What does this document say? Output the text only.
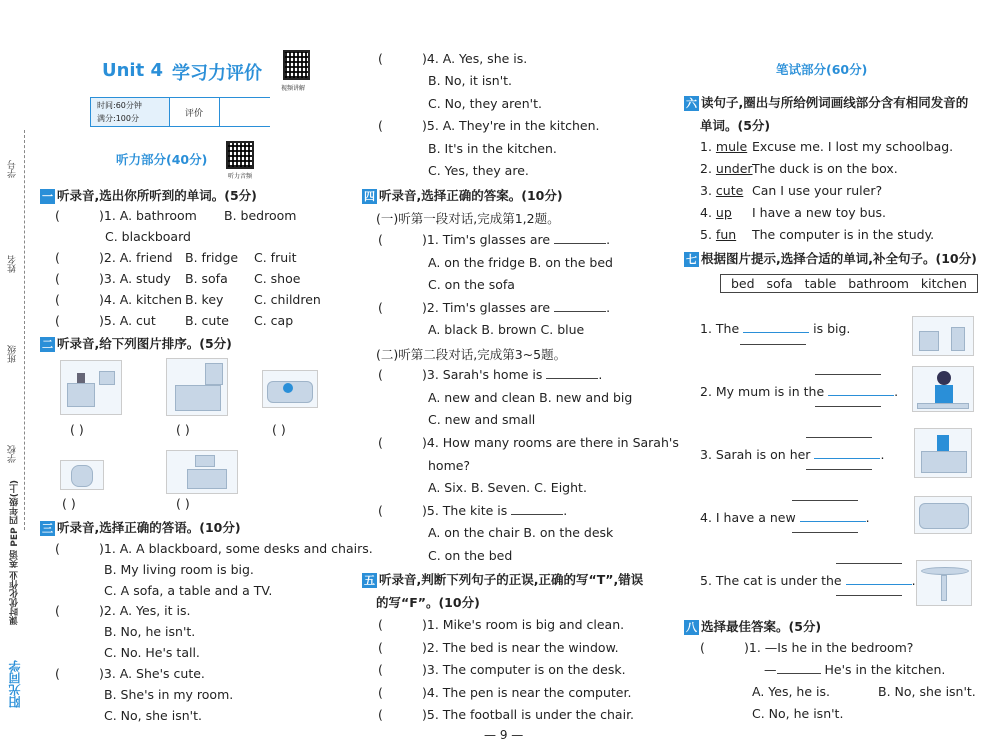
学号
姓名
班级
学校
课时优化作业 英语 PEP 四年级(上)
阳光同学
Unit 4 学习力评价
视频讲解
时间:60分钟
满分:100分	评价
听力部分(40分)
听力音频
一 听录音,选出你所听到的单词。(5分)
(	)1. A. bathroom B. bedroom
C. blackboard
(	)2. A. friend B. fridge C. fruit
(	)3. A. study B. sofa C. shoe
(	)4. A. kitchen B. key C. children
(	)5. A. cut B. cute C. cap
二 听录音,给下列图片排序。(5分)
( )	( )	( )
( )	( )
三 听录音,选择正确的答语。(10分)
(	)1. A. A blackboard, some desks and chairs.
B. My living room is big.
C. A sofa, a table and a TV.
(	)2. A. Yes, it is.
B. No, he isn't.
C. No. He's tall.
(	)3. A. She's cute.
B. She's in my room.
C. No, she isn't.
(	)4. A. Yes, she is.
B. No, it isn't.
C. No, they aren't.
(	)5. A. They're in the kitchen.
B. It's in the kitchen.
C. Yes, they are.
四 听录音,选择正确的答案。(10分)
(一)听第一段对话,完成第1,2题。
(	)1. Tim's glasses are	.
A. on the fridge B. on the bed
C. on the sofa
(	)2. Tim's glasses are	.
A. black B. brown C. blue
(二)听第二段对话,完成第3~5题。
(	)3. Sarah's home is	.
A. new and clean B. new and big
C. new and small
(	)4. How many rooms are there in Sarah's
home?
A. Six. B. Seven. C. Eight.
(	)5. The kite is	.
A. on the chair B. on the desk
C. on the bed
五 听录音,判断下列句子的正误,正确的写“T”,错误
的写“F”。(10分)
(	)1. Mike's room is big and clean.
(	)2. The bed is near the window.
(	)3. The computer is on the desk.
(	)4. The pen is near the computer.
(	)5. The football is under the chair.
— 9 —
笔试部分(60分)
六 读句子,圈出与所给例词画线部分含有相同发音的
单词。(5分)
1. mule Excuse me. I lost my schoolbag.
2. under The duck is on the box.
3. cute Can I use your ruler?
4. up I have a new toy bus.
5. fun The computer is in the study.
七 根据图片提示,选择合适的单词,补全句子。(10分)
bed   sofa   table   bathroom   kitchen
1. The	is big.
2. My mum is in the	.
3. Sarah is on her	.
4. I have a new	.
5. The cat is under the	.
八 选择最佳答案。(5分)
(	)1. —Is he in the bedroom?
—	He's in the kitchen.
A. Yes, he is.	B. No, she isn't.
C. No, he isn't.
